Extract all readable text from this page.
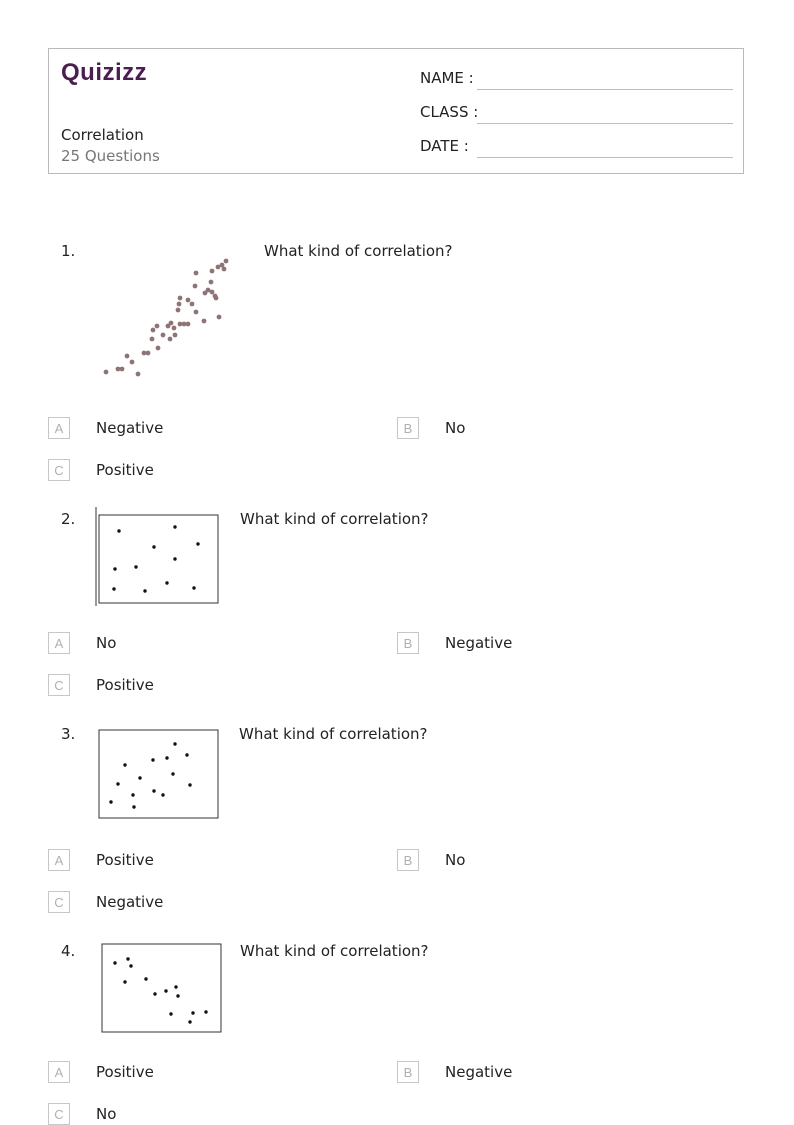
Quizizz
Correlation
25 Questions
NAME :
CLASS :
DATE :
1.	What kind of correlation?
A	Negative	B	No
C	Positive
2.	What kind of correlation?
A	No	B	Negative
C	Positive
3.	What kind of correlation?
A	Positive	B	No
C	Negative
4.	What kind of correlation?
A	Positive	B	Negative
C	No
